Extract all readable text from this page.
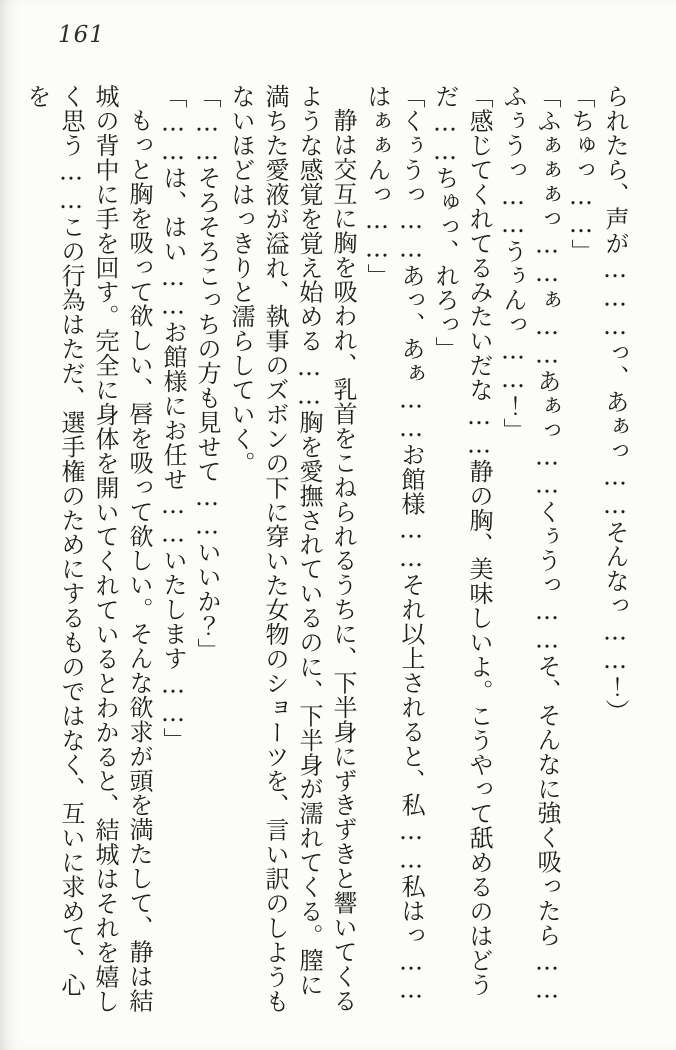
161

られたら、声が………っ、あぁっ……そんなっ……！）

「ちゅっ……」

「ふぁぁぁっ……ぁ……あぁっ……くぅうっ……そ、そんなに強く吸ったら……ふぅうっ……うぅんっ……！」

「感じてくれてるみたいだな……静の胸、美味しいよ。こうやって舐めるのはどうだ……ちゅっ、れろっ」

「くぅうっ……あっ、あぁ……お館様……それ以上されると、私……私はっ……はぁぁんっ……」

静は交互に胸を吸われ、乳首をこねられるうちに、下半身にずきずきと響いてくるような感覚を覚え始める……胸を愛撫されているのに、下半身が濡れてくる。膣に満ちた愛液が溢れ、執事のズボンの下に穿いた女物のショーツを、言い訳のしようもないほどはっきりと濡らしていく。

「……そろそろこっちの方も見せて……いいか？」

「……は、はい……お館様にお任せ……いたします……」

もっと胸を吸って欲しい、唇を吸って欲しい。そんな欲求が頭を満たして、静は結城の背中に手を回す。完全に身体を開いてくれているとわかると、結城はそれを嬉しく思う……この行為はただ、選手権のためにするものではなく、互いに求めて、心を
